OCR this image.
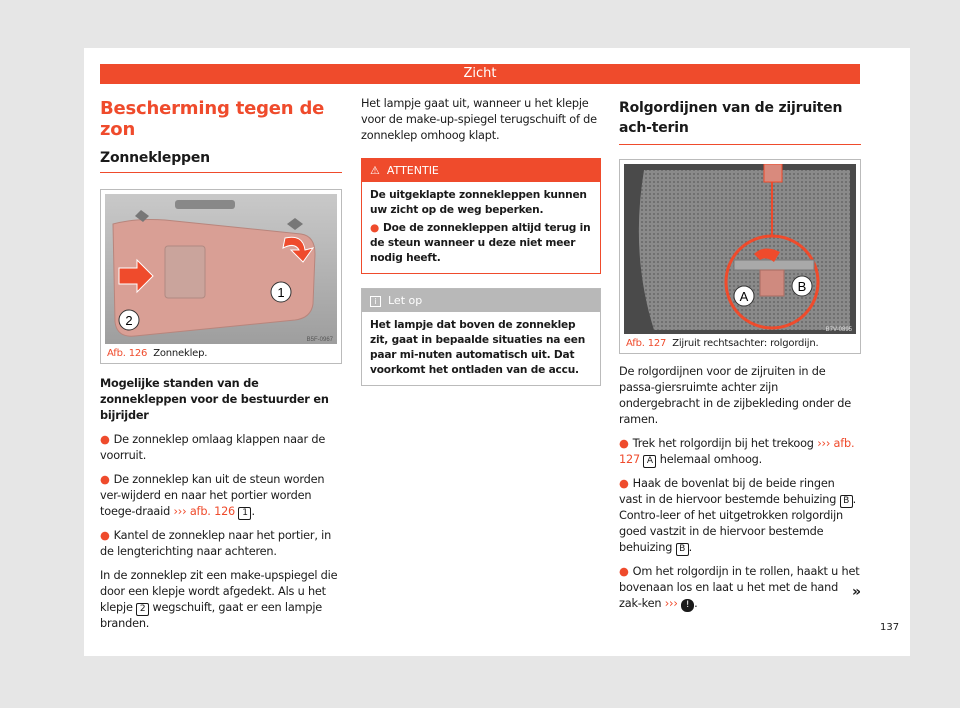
Zicht
Bescherming tegen de zon
Zonnekleppen
1
2
B5F-0967
Afb. 126 Zonneklep.

Mogelijke standen van de zonnekleppen voor de bestuurder en bijrijder

● De zonneklep omlaag klappen naar de voorruit.

● De zonneklep kan uit de steun worden ver-wijderd en naar het portier worden toege-draaid ››› afb. 126 1 .

● Kantel de zonneklep naar het portier, in de lengterichting naar achteren.

In de zonneklep zit een make-upspiegel die door een klepje wordt afgedekt. Als u het klepje 2 wegschuift, gaat er een lampje branden.

Het lampje gaat uit, wanneer u het klepje voor de make-up-spiegel terugschuift of de zonneklep omhoog klapt.

⚠ ATTENTIE
De uitgeklapte zonnekleppen kunnen uw zicht op de weg beperken.
● Doe de zonnekleppen altijd terug in de steun wanneer u deze niet meer nodig heeft.
i Let op
Het lampje dat boven de zonneklep zit, gaat in bepaalde situaties na een paar mi-nuten automatisch uit. Dat voorkomt het ontladen van de accu.
Rolgordijnen van de zijruiten ach-terin
A
B
B7V-0895
Afb. 127 Zijruit rechtsachter: rolgordijn.

De rolgordijnen voor de zijruiten in de passa-giersruimte achter zijn ondergebracht in de zijbekleding onder de ramen.

● Trek het rolgordijn bij het trekoog ››› afb. 127 A helemaal omhoog.

● Haak de bovenlat bij de beide ringen vast in de hiervoor bestemde behuizing B . Contro-leer of het uitgetrokken rolgordijn goed vastzit in de hiervoor bestemde behuizing B .

● Om het rolgordijn in te rollen, haakt u het bovenaan los en laat u het met de hand zak-ken ››› ! .

»
137
